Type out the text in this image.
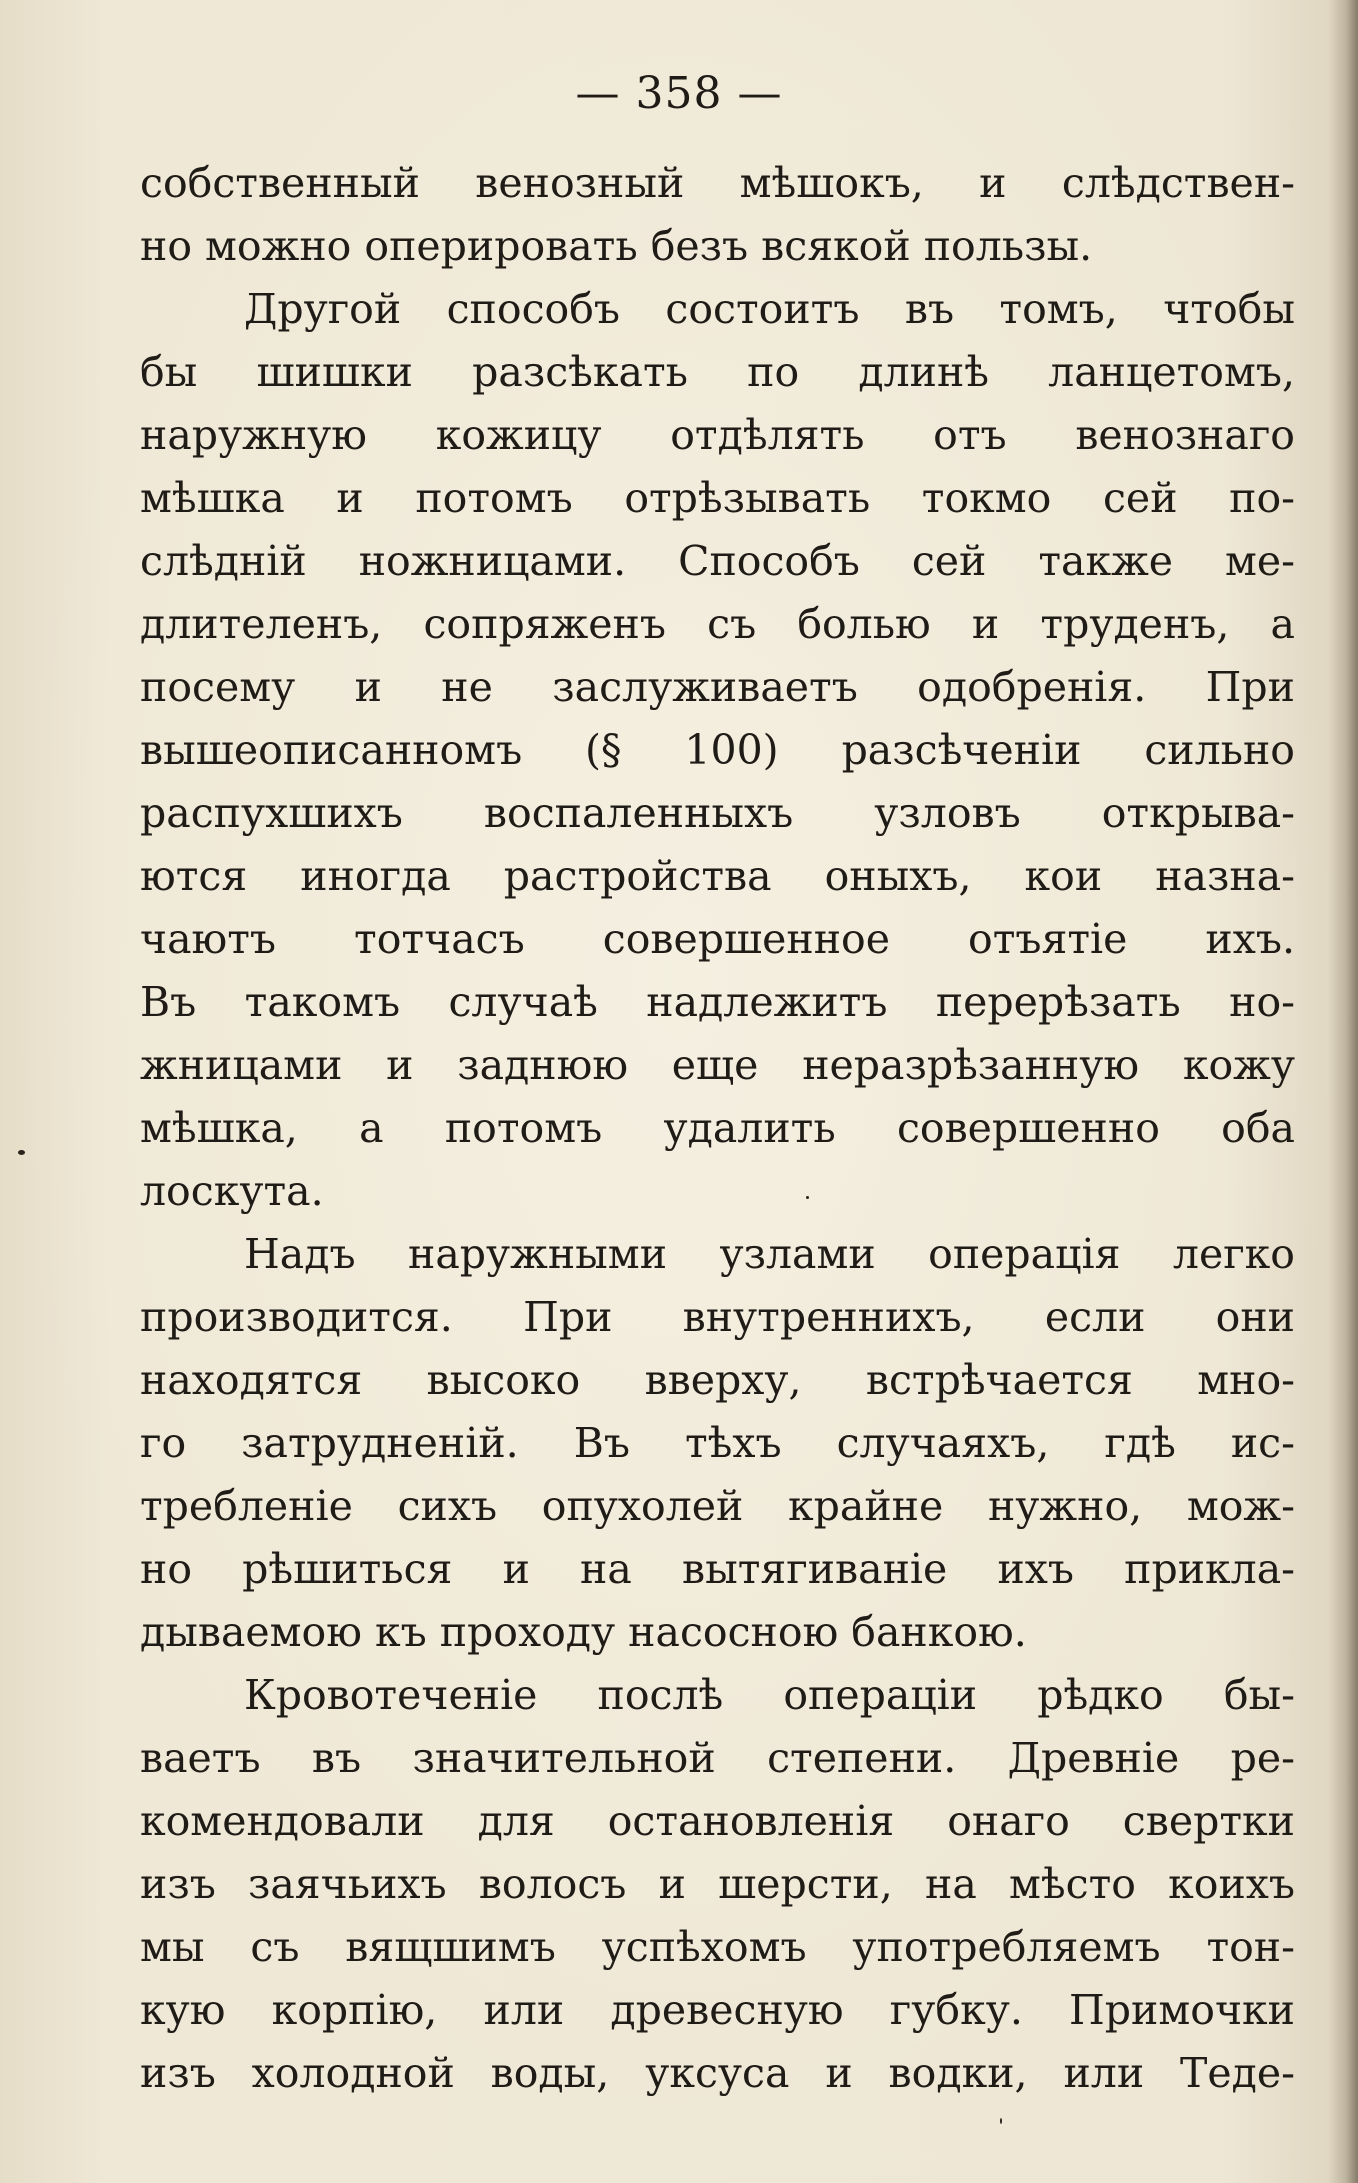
— 358 —
собственный венозный мѣшокъ, и слѣдствен-
но можно оперировать безъ всякой пользы.
Другой способъ состоитъ въ томъ, чтобы
бы шишки разсѣкать по длинѣ ланцетомъ,
наружную кожицу отдѣлять отъ венознаго
мѣшка и потомъ отрѣзывать токмо сей по-
слѣдній ножницами. Способъ сей также ме-
длителенъ, сопряженъ съ болью и труденъ, а
посему и не заслуживаетъ одобренія. При
вышеописанномъ (§ 100) разсѣченіи сильно
распухшихъ воспаленныхъ узловъ открыва-
ются иногда растройства оныхъ, кои назна-
чаютъ тотчасъ совершенное отъятіе ихъ.
Въ такомъ случаѣ надлежитъ перерѣзать но-
жницами и заднюю еще неразрѣзанную кожу
мѣшка, а потомъ удалить совершенно оба
лоскута.
Надъ наружными узлами операція легко
производится. При внутреннихъ, если они
находятся высоко вверху, встрѣчается мно-
го затрудненій. Въ тѣхъ случаяхъ, гдѣ ис-
требленіе сихъ опухолей крайне нужно, мож-
но рѣшиться и на вытягиваніе ихъ прикла-
дываемою къ проходу насосною банкою.
Кровотеченіе послѣ операціи рѣдко бы-
ваетъ въ значительной степени. Древніе ре-
комендовали для остановленія онаго свертки
изъ заячьихъ волосъ и шерсти, на мѣсто коихъ
мы съ вящшимъ успѣхомъ употребляемъ тон-
кую корпію, или древесную губку. Примочки
изъ холодной воды, уксуса и водки, или Теде-
